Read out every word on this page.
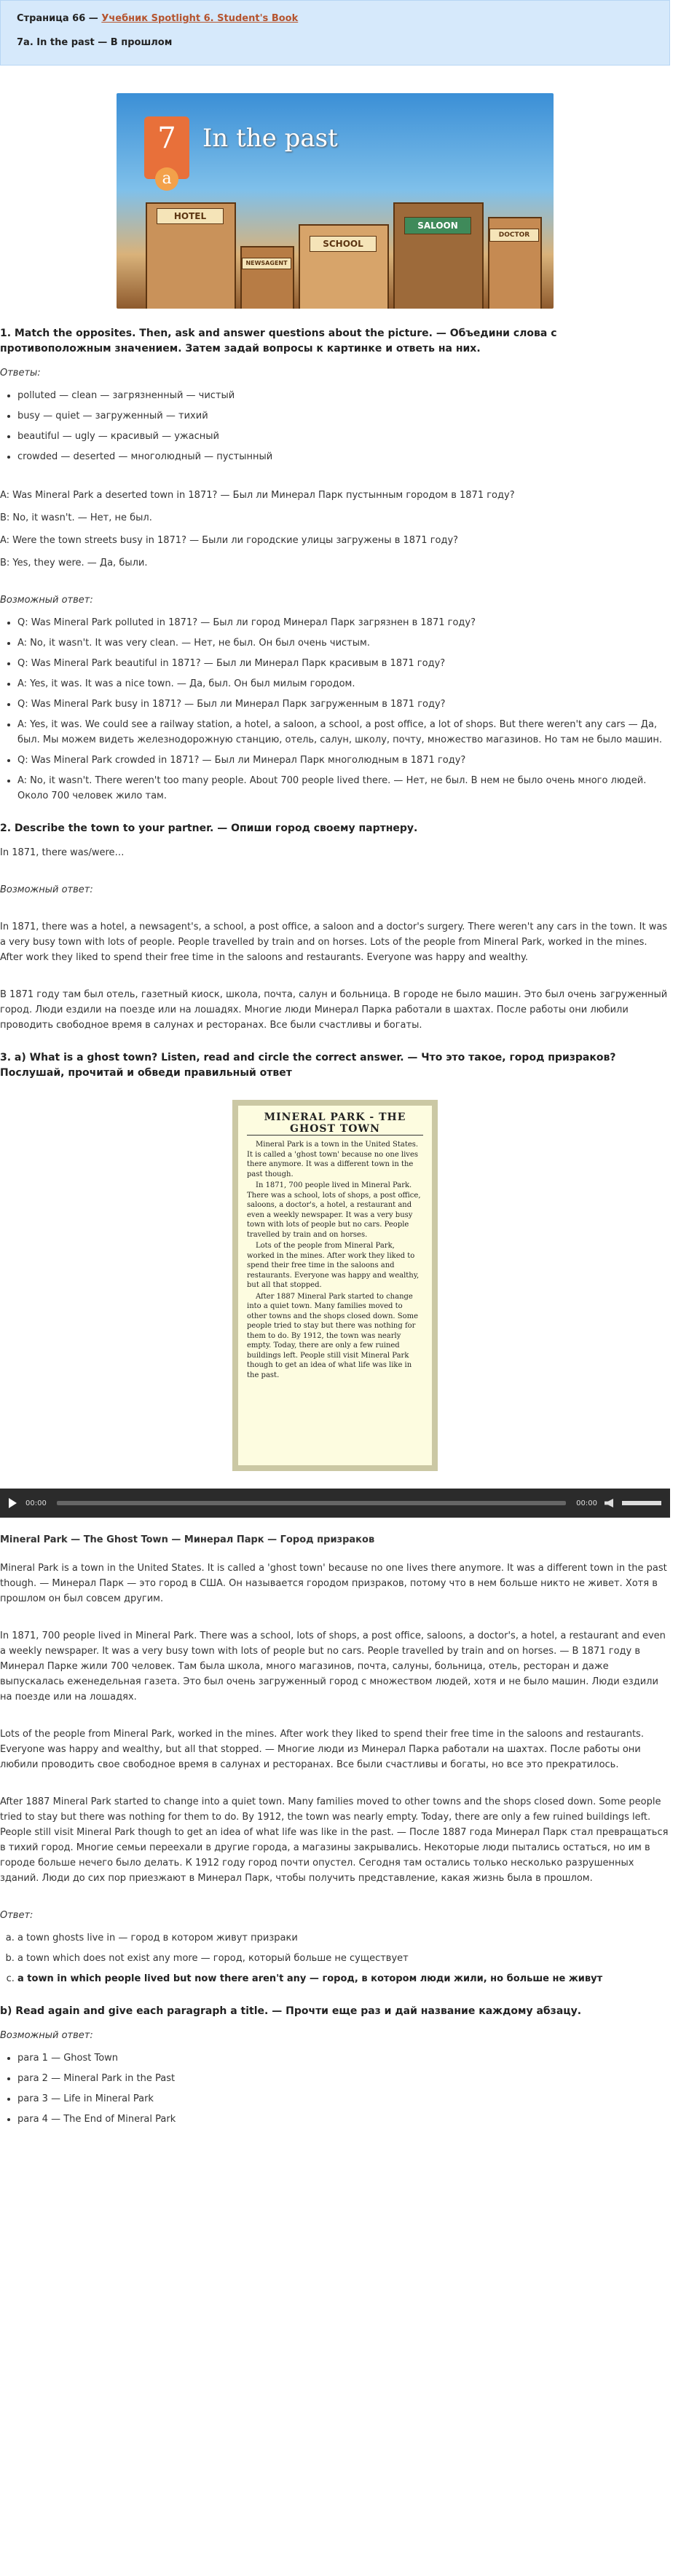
Страница 66 — Учебник Spotlight 6. Student's Book

7a. In the past — В прошлом

7
a
In the past
HOTEL
NEWSAGENT
SCHOOL
SALOON
DOCTOR
1. Match the opposites. Then, ask and answer questions about the picture. — Объедини слова с противоположным значением. Затем задай вопросы к картинке и ответь на них.

Ответы:

• polluted — clean — загрязненный — чистый
• busy — quiet — загруженный — тихий
• beautiful — ugly — красивый — ужасный
• crowded — deserted — многолюдный — пустынный

A: Was Mineral Park a deserted town in 1871? — Был ли Минерал Парк пустынным городом в 1871 году?

B: No, it wasn't. — Нет, не был.

A: Were the town streets busy in 1871? — Были ли городские улицы загружены в 1871 году?

B: Yes, they were. — Да, были.

Возможный ответ:

• Q: Was Mineral Park polluted in 1871? — Был ли город Минерал Парк загрязнен в 1871 году?
• A: No, it wasn't. It was very clean. — Нет, не был. Он был очень чистым.
• Q: Was Mineral Park beautiful in 1871? — Был ли Минерал Парк красивым в 1871 году?
• A: Yes, it was. It was a nice town. — Да, был. Он был милым городом.
• Q: Was Mineral Park busy in 1871? — Был ли Минерал Парк загруженным в 1871 году?
• A: Yes, it was. We could see a railway station, a hotel, a saloon, a school, a post office, a lot of shops. But there weren't any cars — Да, был. Мы можем видеть железнодорожную станцию, отель, салун, школу, почту, множество магазинов. Но там не было машин.
• Q: Was Mineral Park crowded in 1871? — Был ли Минерал Парк многолюдным в 1871 году?
• A: No, it wasn't. There weren't too many people. About 700 people lived there. — Нет, не был. В нем не было очень много людей. Около 700 человек жило там.
2. Describe the town to your partner. — Опиши город своему партнеру.

In 1871, there was/were…

Возможный ответ:

In 1871, there was a hotel, a newsagent's, a school, a post office, a saloon and a doctor's surgery. There weren't any cars in the town. It was a very busy town with lots of people. People travelled by train and on horses. Lots of the people from Mineral Park, worked in the mines. After work they liked to spend their free time in the saloons and restaurants. Everyone was happy and wealthy.

В 1871 году там был отель, газетный киоск, школа, почта, салун и больница. В городе не было машин. Это был очень загруженный город. Люди ездили на поезде или на лошадях. Многие люди Минерал Парка работали в шахтах. После работы они любили проводить свободное время в салунах и ресторанах. Все были счастливы и богаты.

3. a) What is a ghost town? Listen, read and circle the correct answer. — Что это такое, город призраков? Послушай, прочитай и обведи правильный ответ
MINERAL PARK - THE GHOST TOWN

Mineral Park is a town in the United States. It is called a 'ghost town' because no one lives there anymore. It was a different town in the past though.

In 1871, 700 people lived in Mineral Park. There was a school, lots of shops, a post office, saloons, a doctor's, a hotel, a restaurant and even a weekly newspaper. It was a very busy town with lots of people but no cars. People travelled by train and on horses.

Lots of the people from Mineral Park, worked in the mines. After work they liked to spend their free time in the saloons and restaurants. Everyone was happy and wealthy, but all that stopped.

After 1887 Mineral Park started to change into a quiet town. Many families moved to other towns and the shops closed down. Some people tried to stay but there was nothing for them to do. By 1912, the town was nearly empty. Today, there are only a few ruined buildings left. People still visit Mineral Park though to get an idea of what life was like in the past.

00:00	00:00

Mineral Park — The Ghost Town — Минерал Парк — Город призраков

Mineral Park is a town in the United States. It is called a 'ghost town' because no one lives there anymore. It was a different town in the past though. — Минерал Парк — это город в США. Он называется городом призраков, потому что в нем больше никто не живет. Хотя в прошлом он был совсем другим.

In 1871, 700 people lived in Mineral Park. There was a school, lots of shops, a post office, saloons, a doctor's, a hotel, a restaurant and even a weekly newspaper. It was a very busy town with lots of people but no cars. People travelled by train and on horses. — В 1871 году в Минерал Парке жили 700 человек. Там была школа, много магазинов, почта, салуны, больница, отель, ресторан и даже выпускалась еженедельная газета. Это был очень загруженный город с множеством людей, хотя и не было машин. Люди ездили на поезде или на лошадях.

Lots of the people from Mineral Park, worked in the mines. After work they liked to spend their free time in the saloons and restaurants. Everyone was happy and wealthy, but all that stopped. — Многие люди из Минерал Парка работали на шахтах. После работы они любили проводить свое свободное время в салунах и ресторанах. Все были счастливы и богаты, но все это прекратилось.

After 1887 Mineral Park started to change into a quiet town. Many families moved to other towns and the shops closed down. Some people tried to stay but there was nothing for them to do. By 1912, the town was nearly empty. Today, there are only a few ruined buildings left. People still visit Mineral Park though to get an idea of what life was like in the past. — После 1887 года Минерал Парк стал превращаться в тихий город. Многие семьи переехали в другие города, а магазины закрывались. Некоторые люди пытались остаться, но им в городе больше нечего было делать. К 1912 году город почти опустел. Сегодня там остались только несколько разрушенных зданий. Люди до сих пор приезжают в Минерал Парк, чтобы получить представление, какая жизнь была в прошлом.

Ответ:

a. a town ghosts live in — город в котором живут призраки
b. a town which does not exist any more — город, который больше не существует
c. a town in which people lived but now there aren't any — город, в котором люди жили, но больше не живут
b) Read again and give each paragraph a title. — Прочти еще раз и дай название каждому абзацу.

Возможный ответ:

• para 1 — Ghost Town
• para 2 — Mineral Park in the Past
• para 3 — Life in Mineral Park
• para 4 — The End of Mineral Park
